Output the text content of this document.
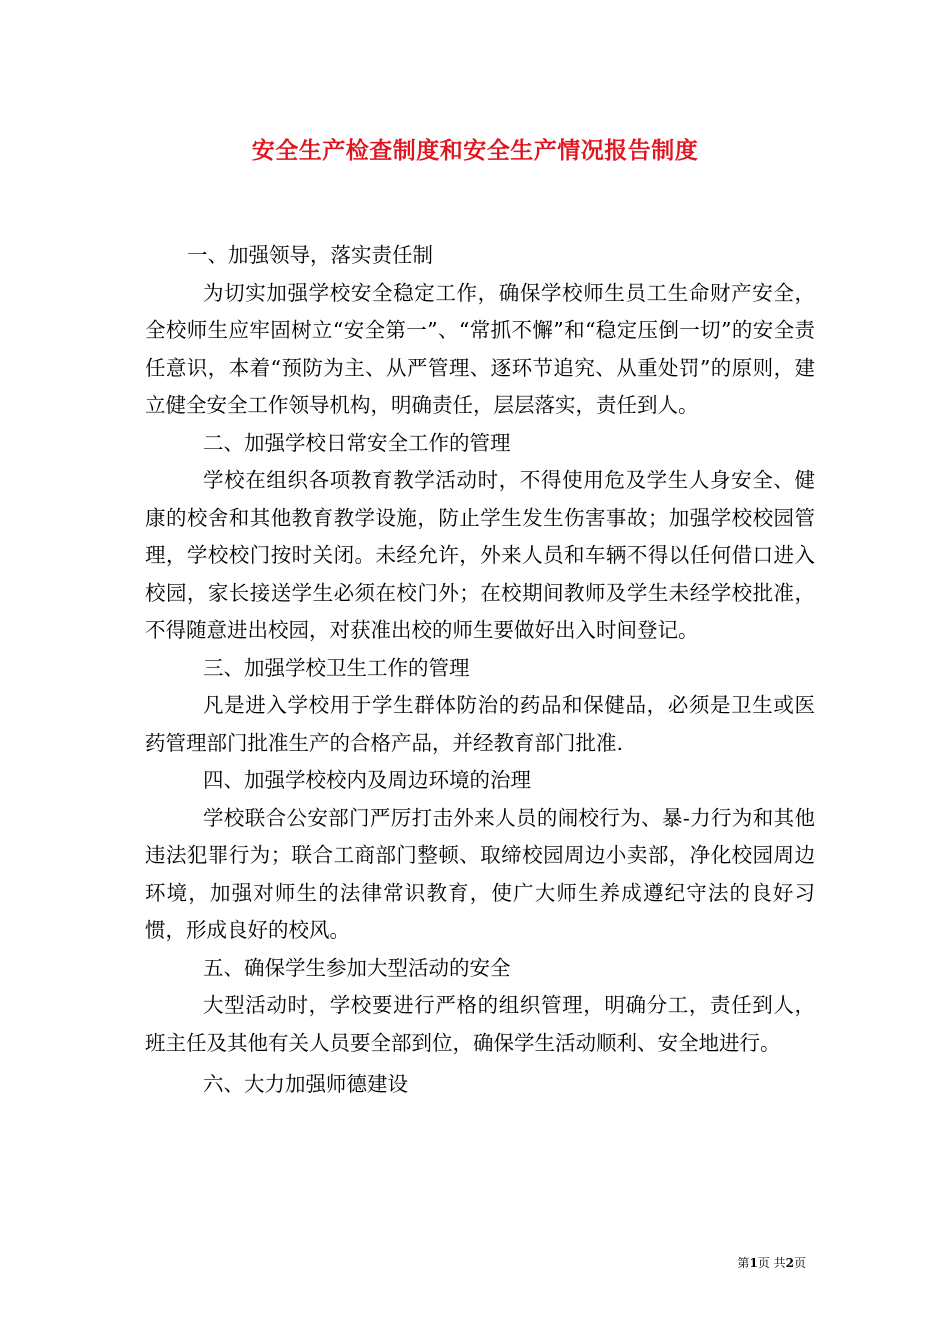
安全生产检查制度和安全生产情况报告制度

一、加强领导，落实责任制

为切实加强学校安全稳定工作，确保学校师生员工生命财产安全，全校师生应牢固树立“安全第一”、“常抓不懈”和“稳定压倒一切”的安全责任意识，本着“预防为主、从严管理、逐环节追究、从重处罚”的原则，建立健全安全工作领导机构，明确责任，层层落实，责任到人。

二、加强学校日常安全工作的管理

学校在组织各项教育教学活动时，不得使用危及学生人身安全、健康的校舍和其他教育教学设施，防止学生发生伤害事故；加强学校校园管理，学校校门按时关闭。未经允许，外来人员和车辆不得以任何借口进入校园，家长接送学生必须在校门外；在校期间教师及学生未经学校批准，不得随意进出校园，对获准出校的师生要做好出入时间登记。

三、加强学校卫生工作的管理

凡是进入学校用于学生群体防治的药品和保健品，必须是卫生或医药管理部门批准生产的合格产品，并经教育部门批准.

四、加强学校校内及周边环境的治理

学校联合公安部门严厉打击外来人员的闹校行为、暴-力行为和其他违法犯罪行为；联合工商部门整顿、取缔校园周边小卖部，净化校园周边环境，加强对师生的法律常识教育，使广大师生养成遵纪守法的良好习惯，形成良好的校风。

五、确保学生参加大型活动的安全

大型活动时，学校要进行严格的组织管理，明确分工，责任到人，班主任及其他有关人员要全部到位，确保学生活动顺利、安全地进行。

六、大力加强师德建设

第1页 共2页
